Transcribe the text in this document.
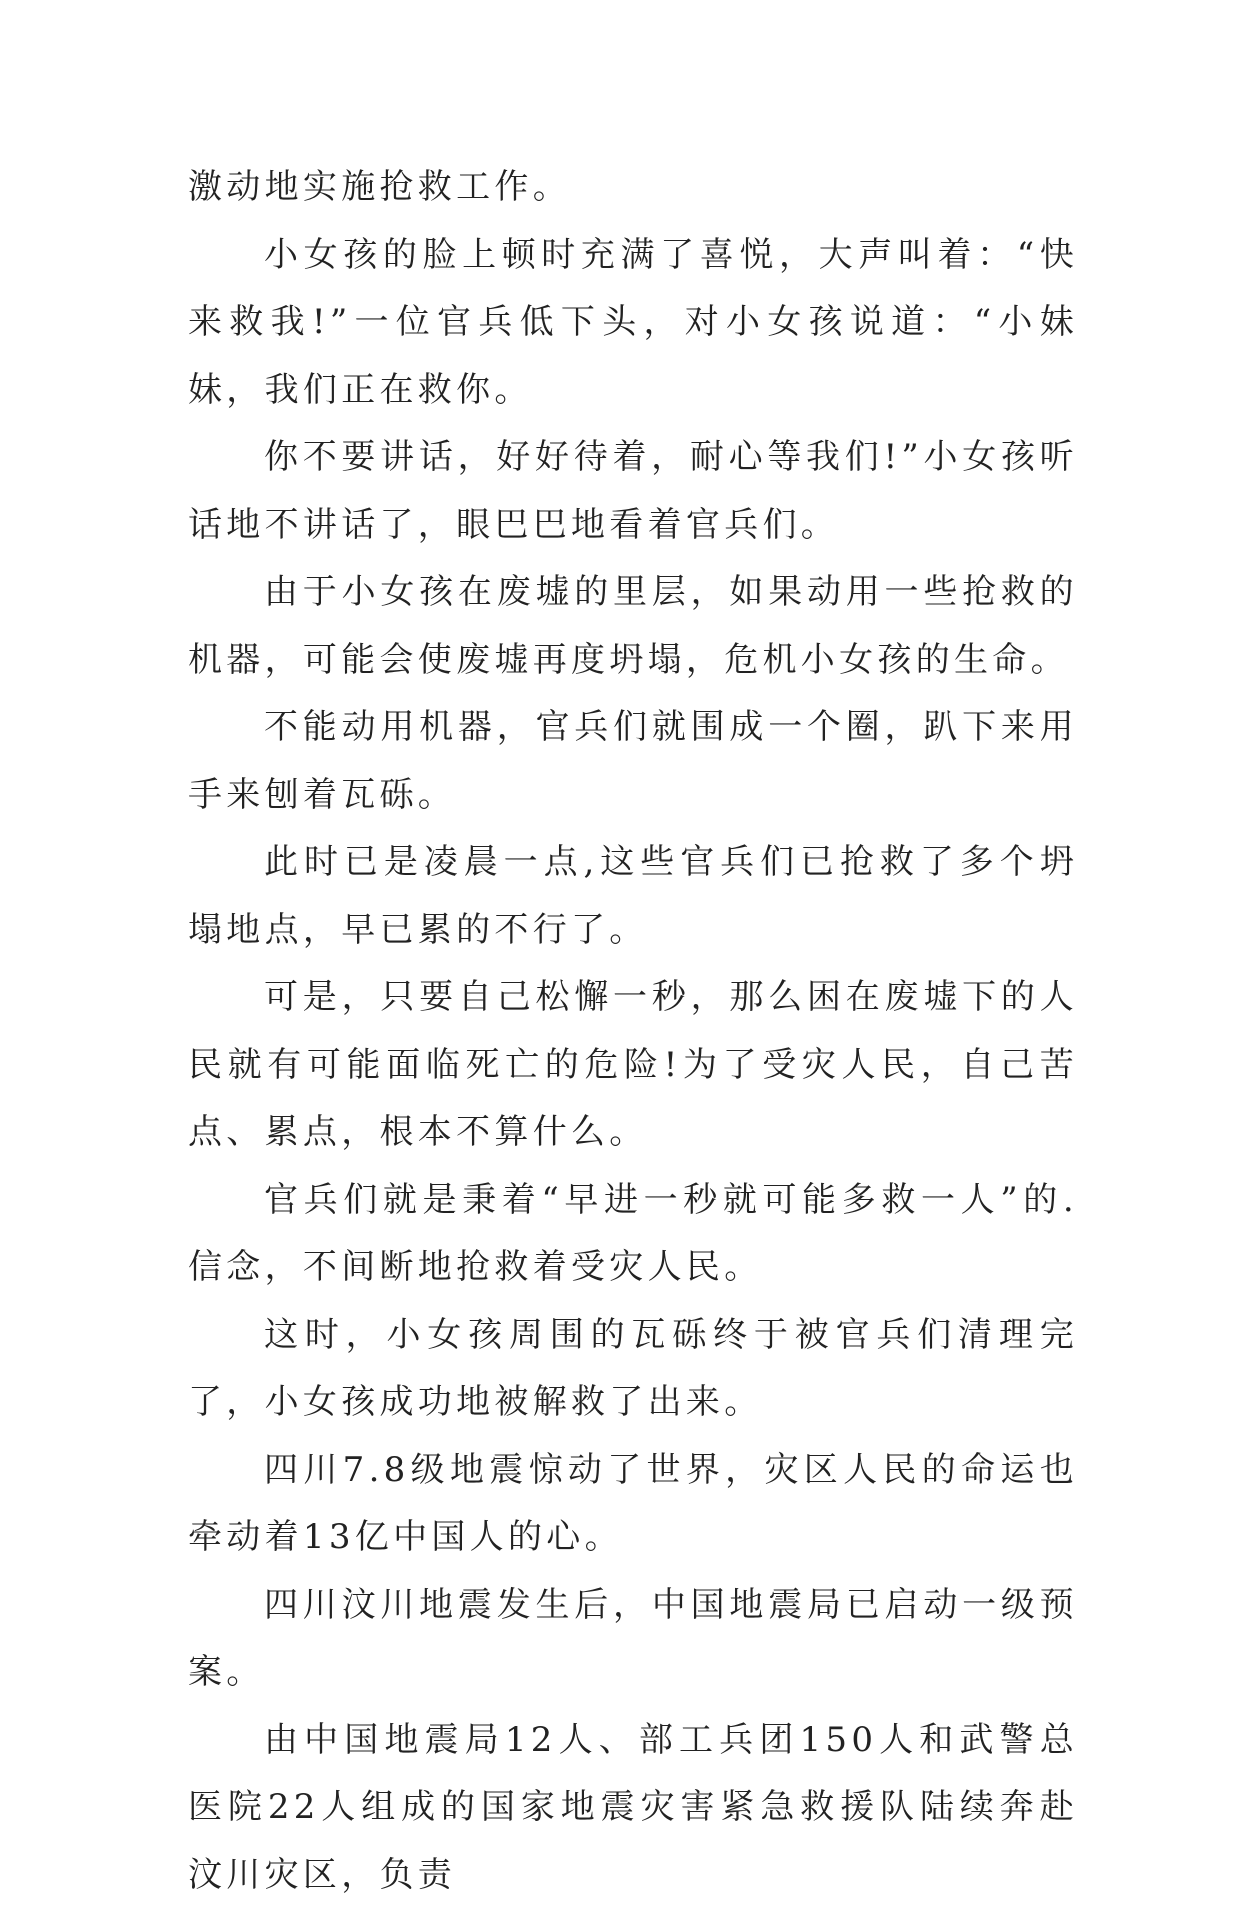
激动地实施抢救工作。

小女孩的脸上顿时充满了喜悦，大声叫着：“快来救我!”一位官兵低下头，对小女孩说道：“小妹妹，我们正在救你。

你不要讲话，好好待着，耐心等我们!”小女孩听话地不讲话了，眼巴巴地看着官兵们。

由于小女孩在废墟的里层，如果动用一些抢救的机器，可能会使废墟再度坍塌，危机小女孩的生命。

不能动用机器，官兵们就围成一个圈，趴下来用手来刨着瓦砾。

此时已是凌晨一点,这些官兵们已抢救了多个坍塌地点，早已累的不行了。

可是，只要自己松懈一秒，那么困在废墟下的人民就有可能面临死亡的危险!为了受灾人民，自己苦点、累点，根本不算什么。

官兵们就是秉着“早进一秒就可能多救一人”的.信念，不间断地抢救着受灾人民。

这时，小女孩周围的瓦砾终于被官兵们清理完了，小女孩成功地被解救了出来。

四川7.8级地震惊动了世界，灾区人民的命运也牵动着13亿中国人的心。

四川汶川地震发生后，中国地震局已启动一级预案。

由中国地震局12人、部工兵团150人和武警总医院22人组成的国家地震灾害紧急救援队陆续奔赴汶川灾区，负责
